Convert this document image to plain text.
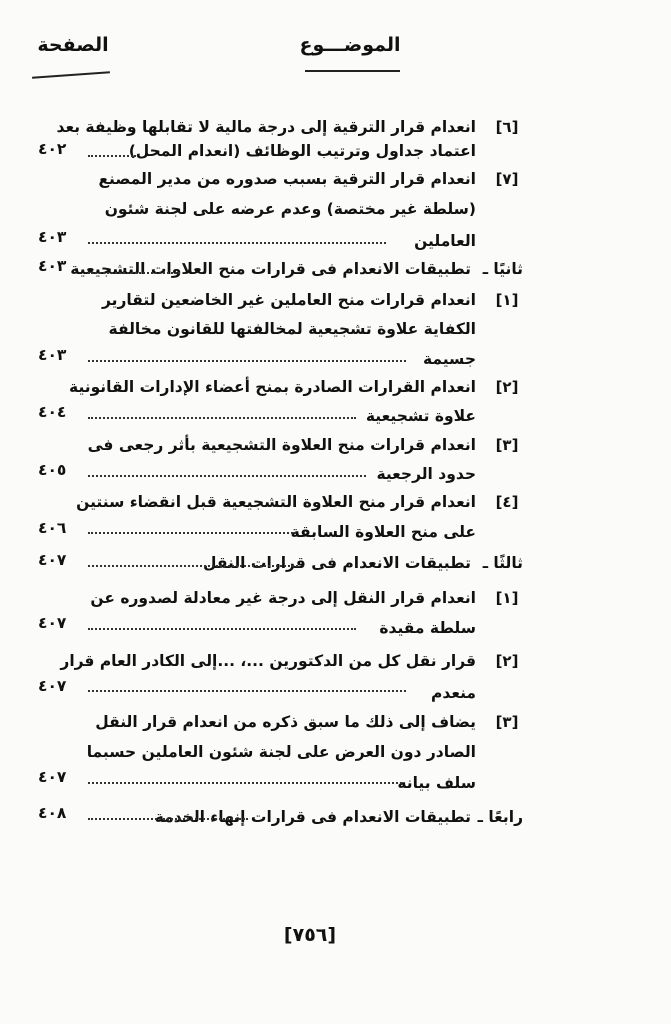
الموضـــوع
الصفحة

[٦]
انعدام قرار الترقية إلى درجة مالية لا تقابلها وظيفة بعد
اعتماد جداول وترتيب الوظائف (انعدام المحل)
٤٠٢
[٧]
انعدام قرار الترقية بسبب صدوره من مدير المصنع
(سلطة غير مختصة) وعدم عرضه على لجنة شئون
العاملين
٤٠٣
ثانيًا ـ
تطبيقات الانعدام فى قرارات منح العلاوات التشجيعية
٤٠٣
[١]
انعدام قرارات منح العاملين غير الخاضعين لتقارير
الكفاية علاوة تشجيعية لمخالفتها للقانون مخالفة
جسيمة
٤٠٣
[٢]
انعدام القرارات الصادرة بمنح أعضاء الإدارات القانونية
علاوة تشجيعية
٤٠٤
[٣]
انعدام قرارات منح العلاوة التشجيعية بأثر رجعى فى
حدود الرجعية
٤٠٥
[٤]
انعدام قرار منح العلاوة التشجيعية قبل انقضاء سنتين
على منح العلاوة السابقة
٤٠٦
ثالثًا ـ
تطبيقات الانعدام فى قرارات النقل
٤٠٧
[١]
انعدام قرار النقل إلى درجة غير معادلة لصدوره عن
سلطة مقيدة
٤٠٧
[٢]
قرار نقل كل من الدكتورين ...، ...إلى الكادر العام قرار
منعدم
٤٠٧
[٣]
يضاف إلى ذلك ما سبق ذكره من انعدام قرار النقل
الصادر دون العرض على لجنة شئون العاملين حسبما
سلف بيانه
٤٠٧
رابعًا ـ
تطبيقات الانعدام فى قرارات إنهاء الخدمة
٤٠٨
[٧٥٦]
